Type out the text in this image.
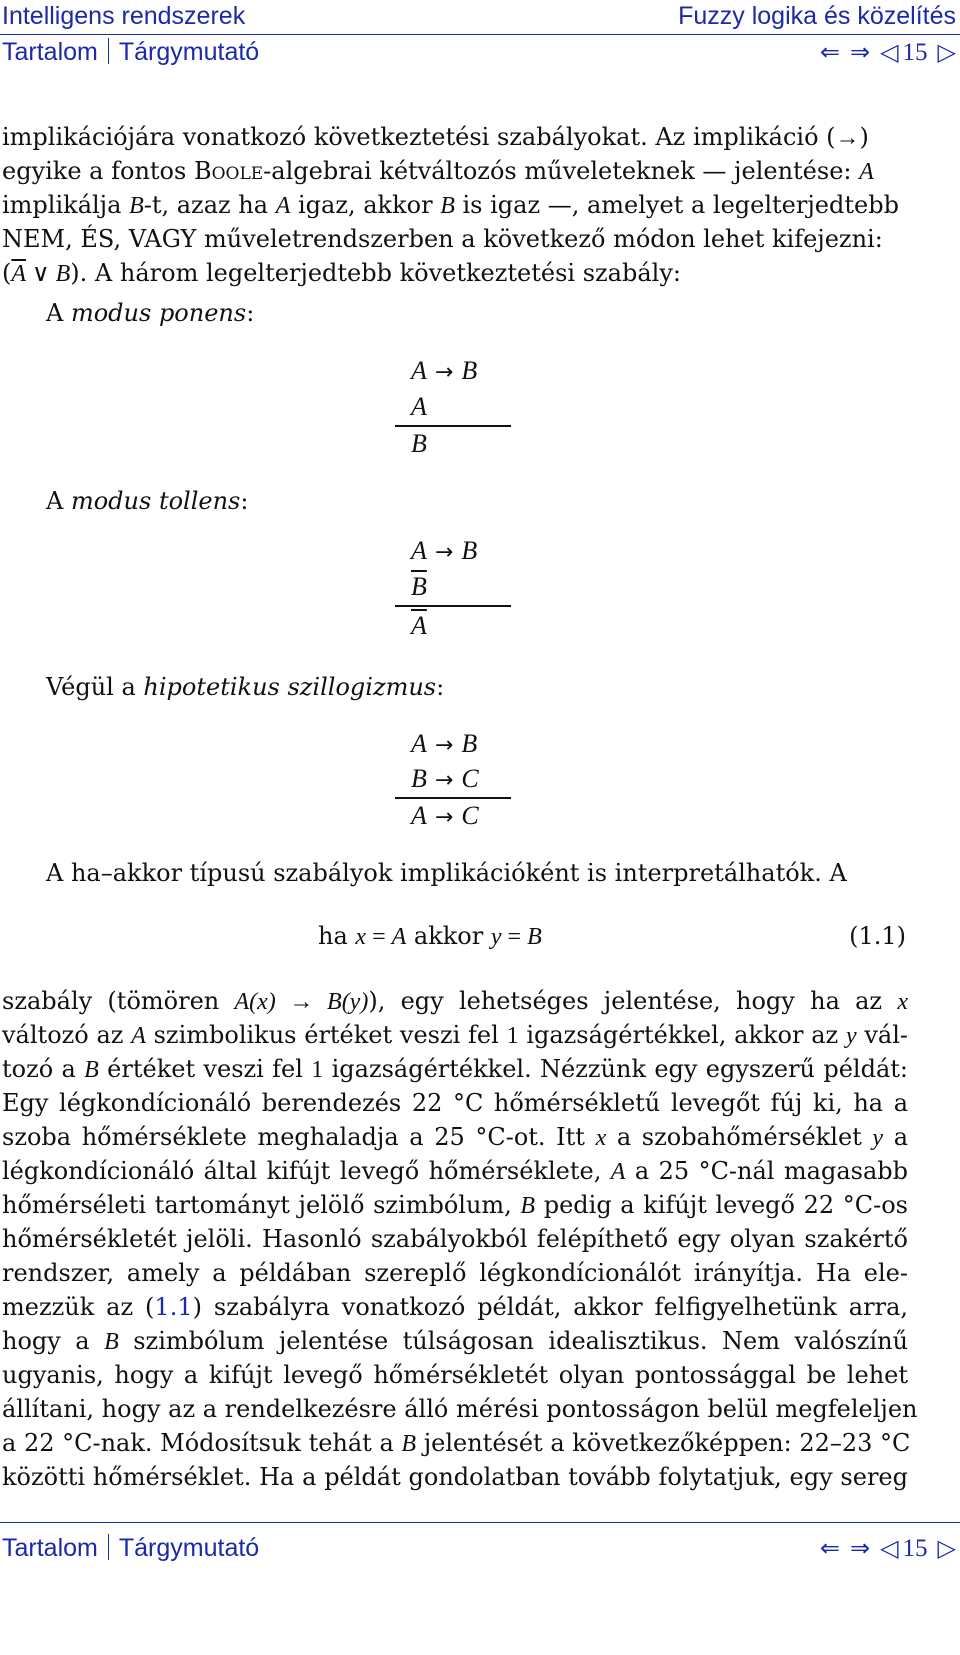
Intelligens rendszerek	Fuzzy logika és közelítés
Tartalom Tárgymutató	⇐ ⇒ ◁ 15 ▷
implikációjára vonatkozó következtetési szabályokat. Az implikáció (→)
egyike a fontos Boole-algebrai kétváltozós műveleteknek — jelentése: A
implikálja B-t, azaz ha A igaz, akkor B is igaz —, amelyet a legelterjedtebb
NEM, ÉS, VAGY műveletrendszerben a következő módon lehet kifejezni:
($\overline{A}$ ∨ B). A három legelterjedtebb következtetési szabály:
A modus ponens:
A → B
A
B
A modus tollens:
A → B
$\overline{B}$
$\overline{A}$
Végül a hipotetikus szillogizmus:
A → B
B → C
A → C
A ha–akkor típusú szabályok implikációként is interpretálhatók. A
ha x = A akkor y = B	(1.1)
szabály (tömören A(x) → B(y)), egy lehetséges jelentése, hogy ha az x
változó az A szimbolikus értéket veszi fel 1 igazságértékkel, akkor az y vál-
tozó a B értéket veszi fel 1 igazságértékkel. Nézzünk egy egyszerű példát:
Egy légkondícionáló berendezés 22 °C hőmérsékletű levegőt fúj ki, ha a
szoba hőmérséklete meghaladja a 25 °C-ot. Itt x a szobahőmérséklet y a
légkondícionáló által kifújt levegő hőmérséklete, A a 25 °C-nál magasabb
hőmérséleti tartományt jelölő szimbólum, B pedig a kifújt levegő 22 °C-os
hőmérsékletét jelöli. Hasonló szabályokból felépíthető egy olyan szakértő
rendszer, amely a példában szereplő légkondícionálót irányítja. Ha ele-
mezzük az (1.1) szabályra vonatkozó példát, akkor felfigyelhetünk arra,
hogy a B szimbólum jelentése túlságosan idealisztikus. Nem valószínű
ugyanis, hogy a kifújt levegő hőmérsékletét olyan pontossággal be lehet
állítani, hogy az a rendelkezésre álló mérési pontosságon belül megfeleljen
a 22 °C-nak. Módosítsuk tehát a B jelentését a következőképpen: 22–23 °C
közötti hőmérséklet. Ha a példát gondolatban tovább folytatjuk, egy sereg
Tartalom Tárgymutató	⇐ ⇒ ◁ 15 ▷
